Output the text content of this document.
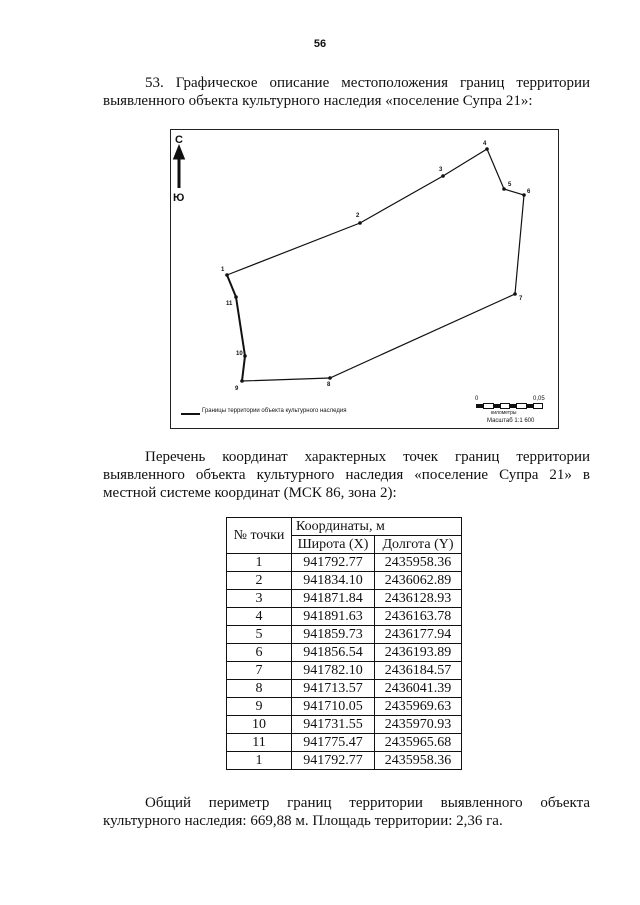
56
53. Графическое описание местоположения границ территории выявленного объекта культурного наследия «поселение Супра 21»:
1
2
3
4
5
6
7
8
9
10
11
С
Ю
Границы территории объекта культурного наследия
0	0,05
километры
Масштаб 1:1 600
Перечень координат характерных точек границ территории выявленного объекта культурного наследия «поселение Супра 21» в местной системе координат (МСК 86, зона 2):
№ точки	Координаты, м	
	Широта (X)	Долгота (Y)
1	941792.77	2435958.36
2	941834.10	2436062.89
3	941871.84	2436128.93
4	941891.63	2436163.78
5	941859.73	2436177.94
6	941856.54	2436193.89
7	941782.10	2436184.57
8	941713.57	2436041.39
9	941710.05	2435969.63
10	941731.55	2435970.93
11	941775.47	2435965.68
1	941792.77	2435958.36
Общий периметр границ территории выявленного объекта культурного наследия: 669,88 м. Площадь территории: 2,36 га.
